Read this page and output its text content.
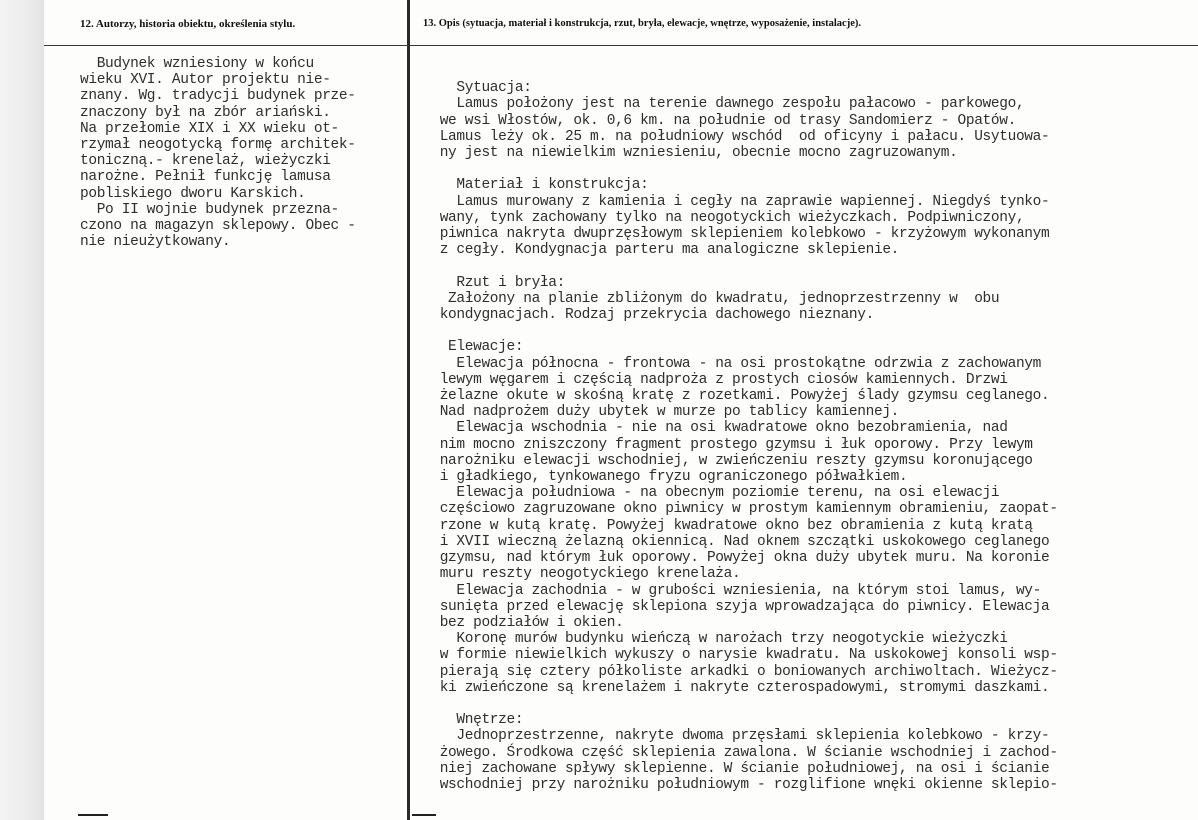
12. Autorzy, historia obiektu, określenia stylu.
Budynek wzniesiony w końcu
wieku XVI. Autor projektu nie-
znany. Wg. tradycji budynek prze-
znaczony był na zbór ariański.
Na przełomie XIX i XX wieku ot-
rzymał neogotycką formę architek-
toniczną.- krenelaż, wieżyczki
narożne. Pełnił funkcję lamusa
pobliskiego dworu Karskich.
Po II wojnie budynek przezna-
czono na magazyn sklepowy. Obec -
nie nieużytkowany.

13. Opis (sytuacja, materiał i konstrukcja, rzut, bryła, elewacje, wnętrze, wyposażenie, instalacje).

Sytuacja:
Lamus położony jest na terenie dawnego zespołu pałacowo - parkowego,
we wsi Włostów, ok. 0,6 km. na południe od trasy Sandomierz - Opatów.
Lamus leży ok. 25 m. na południowy wschód  od oficyny i pałacu. Usytuowa-
ny jest na niewielkim wzniesieniu, obecnie mocno zagruzowanym.

Materiał i konstrukcja:
Lamus murowany z kamienia i cegły na zaprawie wapiennej. Niegdyś tynko-
wany, tynk zachowany tylko na neogotyckich wieżyczkach. Podpiwniczony,
piwnica nakryta dwuprzęsłowym sklepieniem kolebkowo - krzyżowym wykonanym
z cegły. Kondygnacja parteru ma analogiczne sklepienie.

Rzut i bryła:
Założony na planie zbliżonym do kwadratu, jednoprzestrzenny w  obu
kondygnacjach. Rodzaj przekrycia dachowego nieznany.

Elewacje:
Elewacja północna - frontowa - na osi prostokątne odrzwia z zachowanym
lewym węgarem i częścią nadproża z prostych ciosów kamiennych. Drzwi
żelazne okute w skośną kratę z rozetkami. Powyżej ślady gzymsu ceglanego.
Nad nadprożem duży ubytek w murze po tablicy kamiennej.
Elewacja wschodnia - nie na osi kwadratowe okno bezobramienia, nad
nim mocno zniszczony fragment prostego gzymsu i łuk oporowy. Przy lewym
narożniku elewacji wschodniej, w zwieńczeniu reszty gzymsu koronującego
i gładkiego, tynkowanego fryzu ograniczonego półwałkiem.
Elewacja południowa - na obecnym poziomie terenu, na osi elewacji
częściowo zagruzowane okno piwnicy w prostym kamiennym obramieniu, zaopat-
rzone w kutą kratę. Powyżej kwadratowe okno bez obramienia z kutą kratą
i XVII wieczną żelazną okiennicą. Nad oknem szczątki uskokowego ceglanego
gzymsu, nad którym łuk oporowy. Powyżej okna duży ubytek muru. Na koronie
muru reszty neogotyckiego krenelaża.
Elewacja zachodnia - w grubości wzniesienia, na którym stoi lamus, wy-
sunięta przed elewację sklepiona szyja wprowadzająca do piwnicy. Elewacja
bez podziałów i okien.
Koronę murów budynku wieńczą w narożach trzy neogotyckie wieżyczki
w formie niewielkich wykuszy o narysie kwadratu. Na uskokowej konsoli wsp-
pierają się cztery półkoliste arkadki o boniowanych archiwoltach. Wieżycz-
ki zwieńczone są krenelażem i nakryte czterospadowymi, stromymi daszkami.

Wnętrze:
Jednoprzestrzenne, nakryte dwoma przęsłami sklepienia kolebkowo - krzy-
żowego. Środkowa część sklepienia zawalona. W ścianie wschodniej i zachod-
niej zachowane spływy sklepienne. W ścianie południowej, na osi i ścianie
wschodniej przy narożniku południowym - rozglifione wnęki okienne sklepio-
